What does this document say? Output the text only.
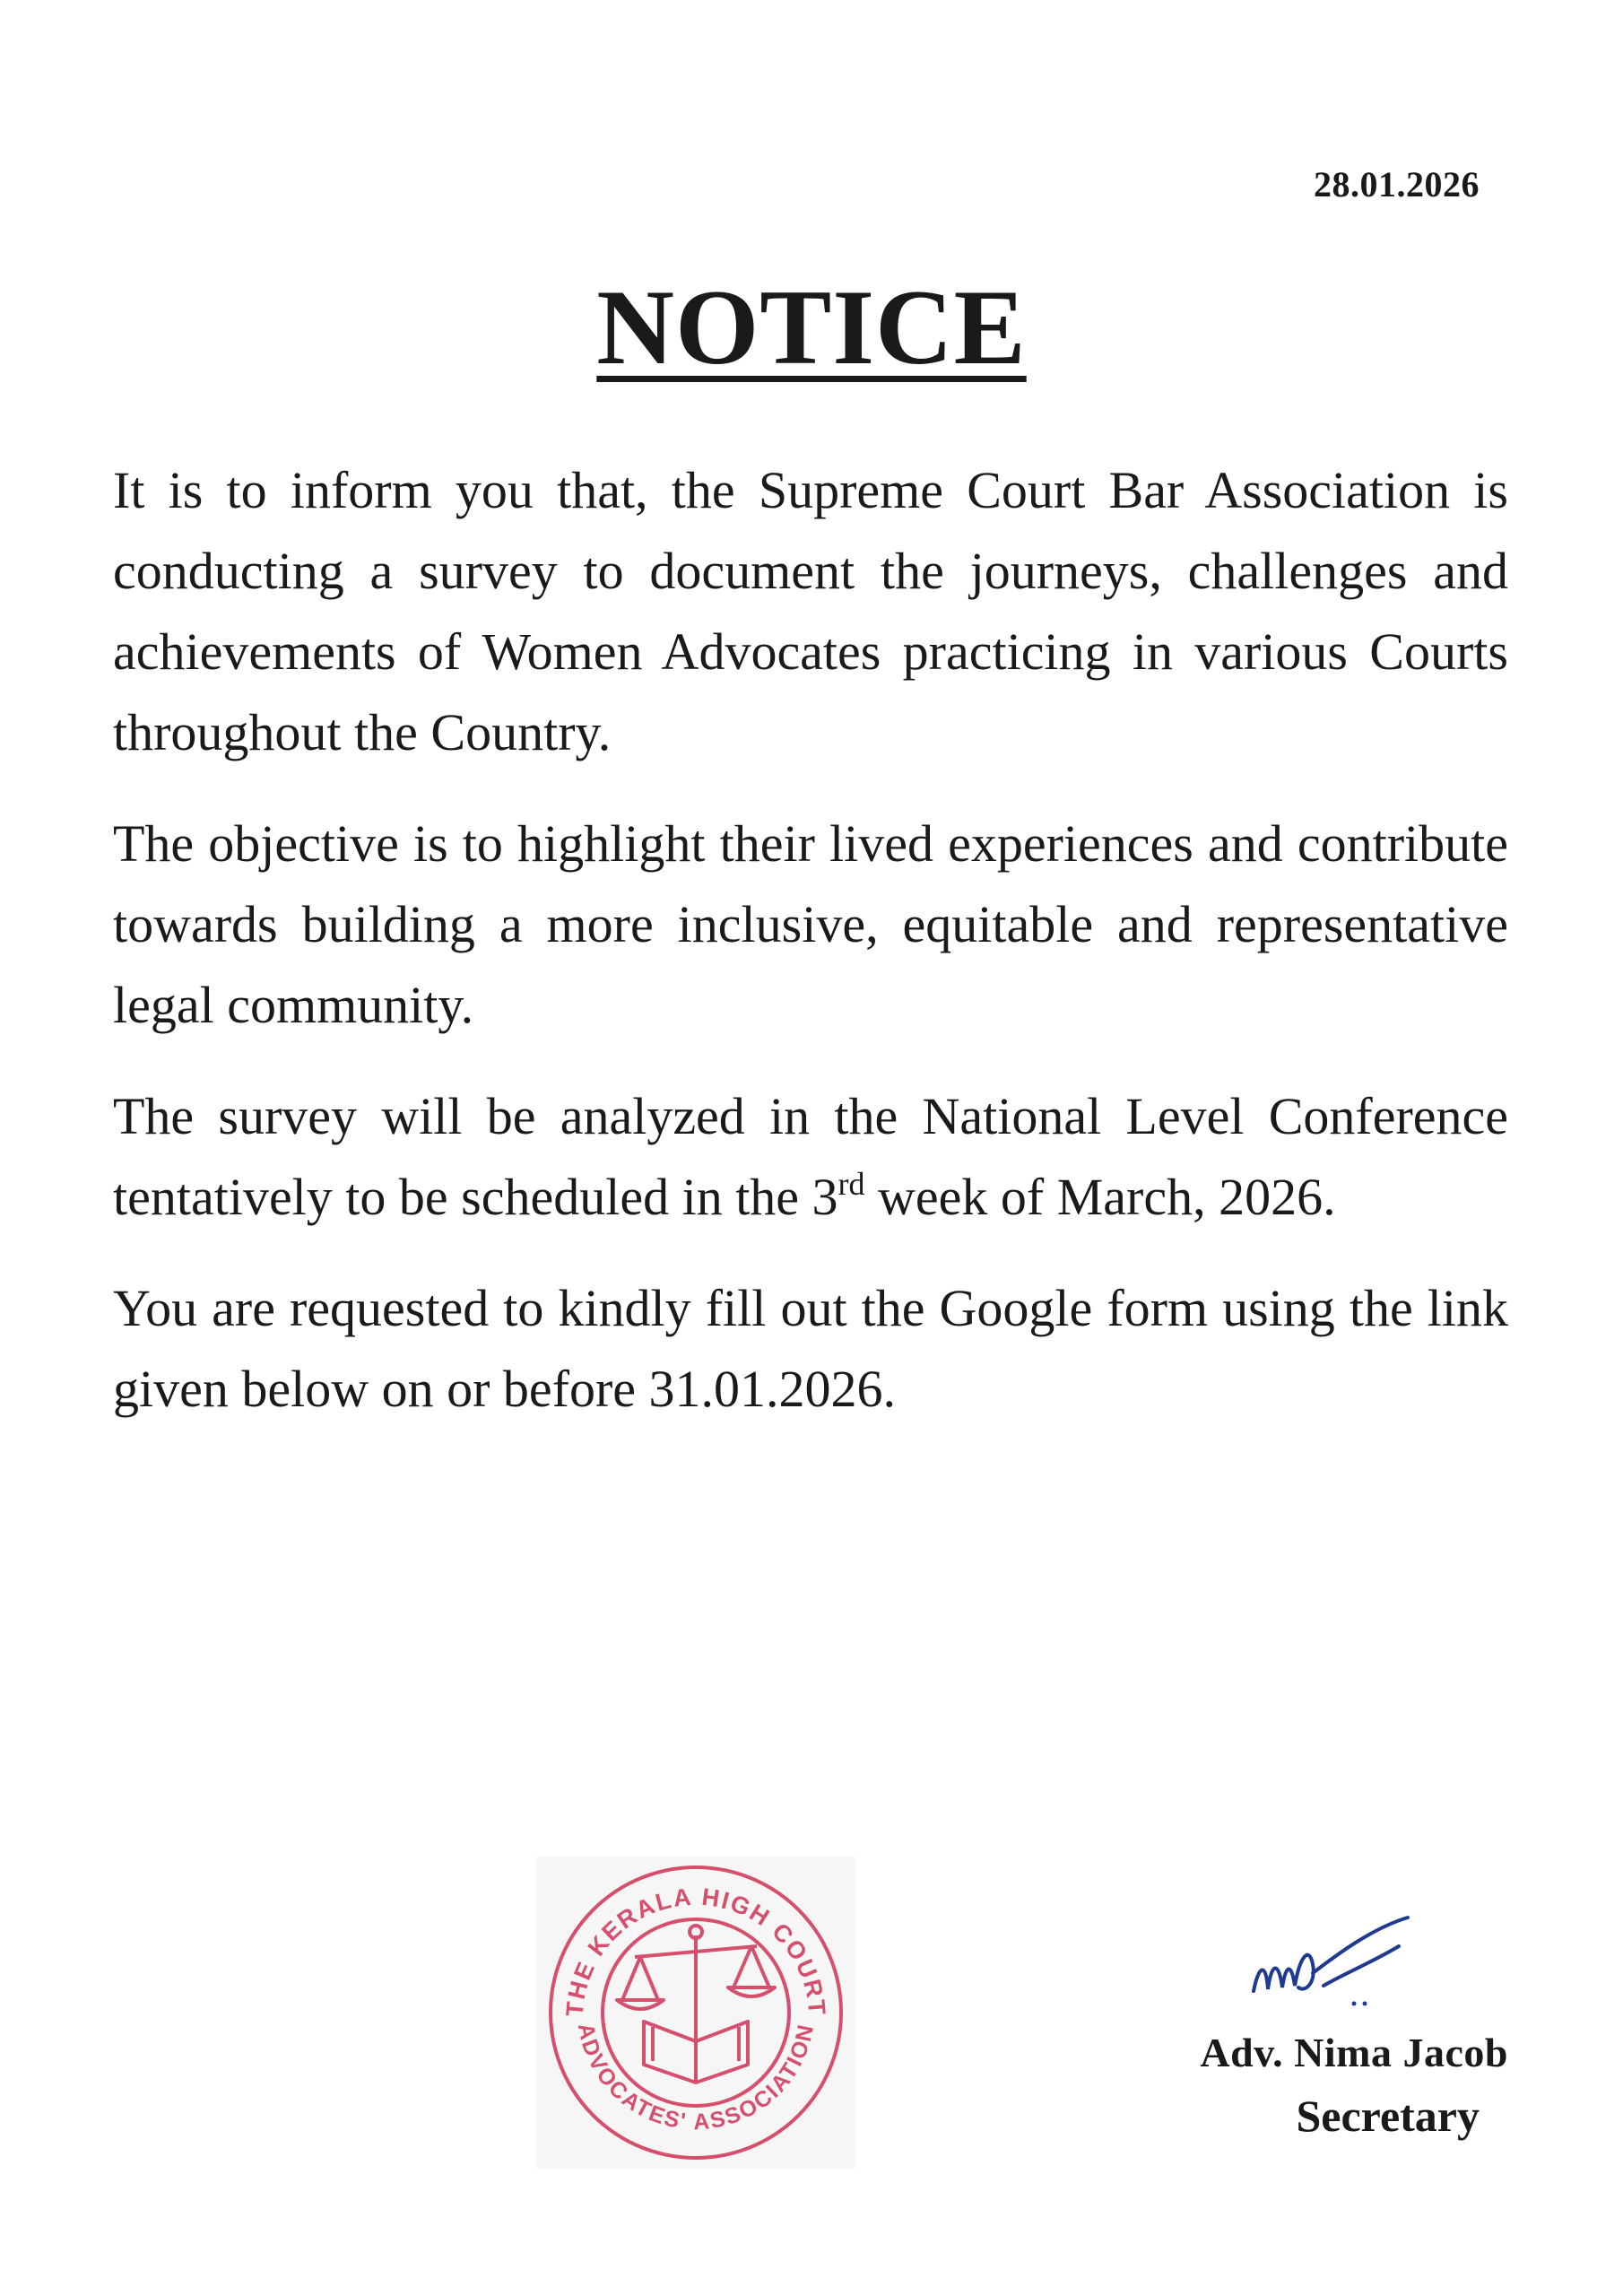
28.01.2026
NOTICE

It is to inform you that, the Supreme Court Bar Association is conducting a survey to document the journeys, challenges and achievements of Women Advocates practicing in various Courts throughout the Country.

The objective is to highlight their lived experiences and contribute towards building a more inclusive, equitable and representative legal community.

The survey will be analyzed in the National Level Conference tentatively to be scheduled in the 3rd week of March, 2026.

You are requested to kindly fill out the Google form using the link given below on or before 31.01.2026.

THE KERALA HIGH COURT
ADVOCATES' ASSOCIATION	Adv. Nima Jacob
Secretary
